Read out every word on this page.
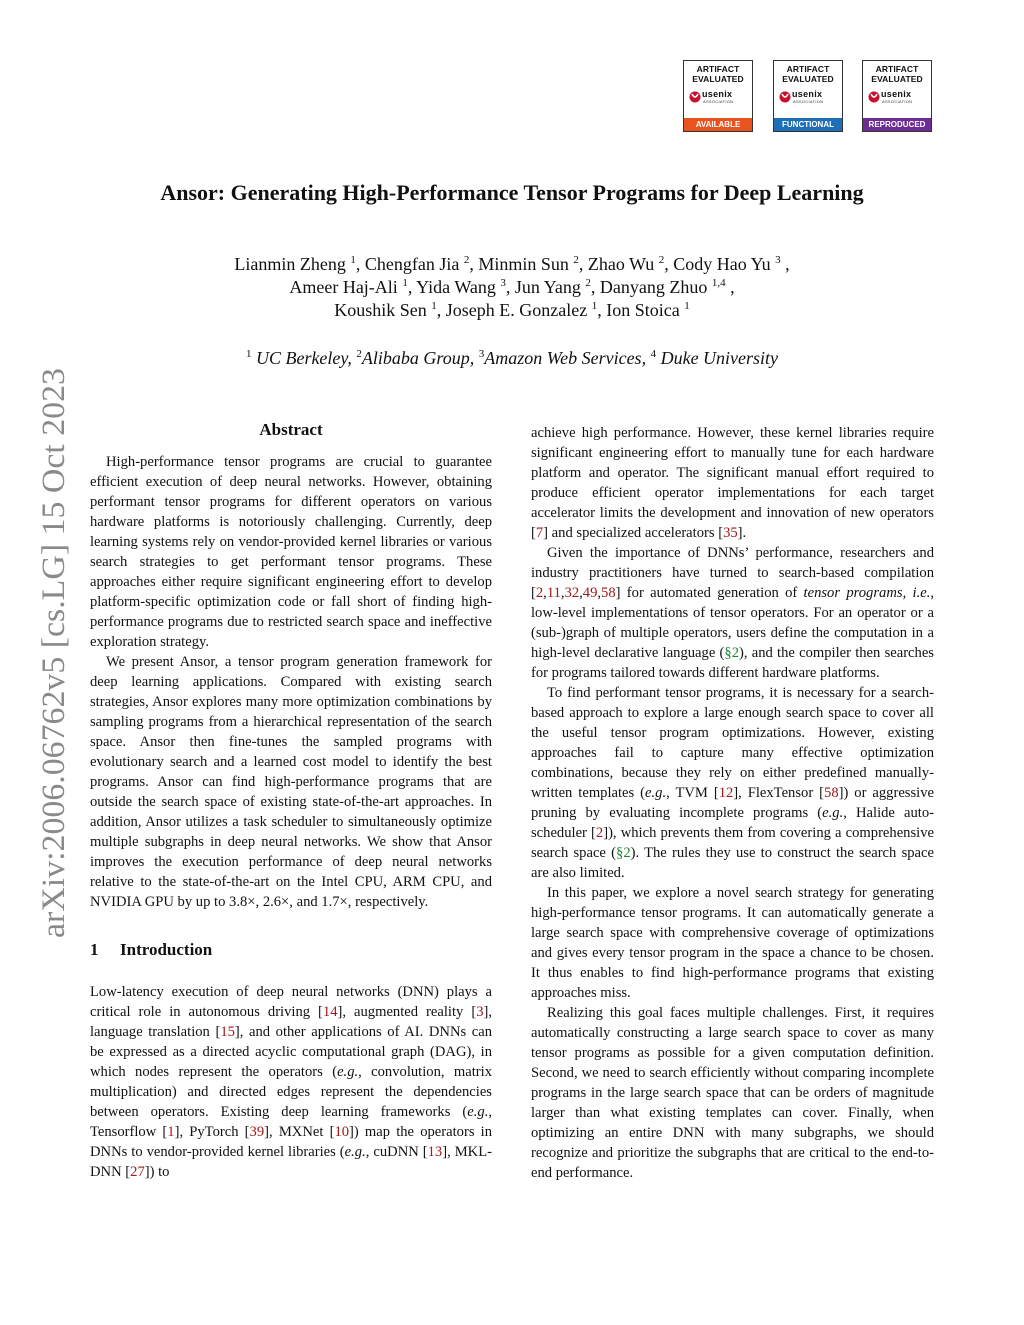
arXiv:2006.06762v5 [cs.LG] 15 Oct 2023
ARTIFACT
EVALUATED
usenix
ASSOCIATION
AVAILABLE
ARTIFACT
EVALUATED
usenix
ASSOCIATION
FUNCTIONAL
ARTIFACT
EVALUATED
usenix
ASSOCIATION
REPRODUCED
Ansor: Generating High-Performance Tensor Programs for Deep Learning
Lianmin Zheng $^1$, Chengfan Jia $^2$, Minmin Sun $^2$, Zhao Wu $^2$, Cody Hao Yu $^3$ ,
Ameer Haj-Ali $^1$, Yida Wang $^3$, Jun Yang $^2$, Danyang Zhuo $^{1,4}$ ,
Koushik Sen $^1$, Joseph E. Gonzalez $^1$, Ion Stoica $^1$
$^1$ UC Berkeley, $^2$Alibaba Group, $^3$Amazon Web Services, $^4$ Duke University
Abstract

High-performance tensor programs are crucial to guarantee efficient execution of deep neural networks. However, obtaining performant tensor programs for different operators on various hardware platforms is notoriously challenging. Currently, deep learning systems rely on vendor-provided kernel libraries or various search strategies to get performant tensor programs. These approaches either require significant engineering effort to develop platform-specific optimization code or fall short of finding high-performance programs due to restricted search space and ineffective exploration strategy.

We present Ansor, a tensor program generation framework for deep learning applications. Compared with existing search strategies, Ansor explores many more optimization combinations by sampling programs from a hierarchical representation of the search space. Ansor then fine-tunes the sampled programs with evolutionary search and a learned cost model to identify the best programs. Ansor can find high-performance programs that are outside the search space of existing state-of-the-art approaches. In addition, Ansor utilizes a task scheduler to simultaneously optimize multiple subgraphs in deep neural networks. We show that Ansor improves the execution performance of deep neural networks relative to the state-of-the-art on the Intel CPU, ARM CPU, and NVIDIA GPU by up to 3.8×, 2.6×, and 1.7×, respectively.

1 Introduction

Low-latency execution of deep neural networks (DNN) plays a critical role in autonomous driving [14], augmented reality [3], language translation [15], and other applications of AI. DNNs can be expressed as a directed acyclic computational graph (DAG), in which nodes represent the operators (e.g., convolution, matrix multiplication) and directed edges represent the dependencies between operators. Existing deep learning frameworks (e.g., Tensorflow [1], PyTorch [39], MXNet [10]) map the operators in DNNs to vendor-provided kernel libraries (e.g., cuDNN [13], MKL-DNN [27]) to

achieve high performance. However, these kernel libraries require significant engineering effort to manually tune for each hardware platform and operator. The significant manual effort required to produce efficient operator implementations for each target accelerator limits the development and innovation of new operators [7] and specialized accelerators [35].

Given the importance of DNNs’ performance, researchers and industry practitioners have turned to search-based compilation [2,11,32,49,58] for automated generation of tensor programs, i.e., low-level implementations of tensor operators. For an operator or a (sub-)graph of multiple operators, users define the computation in a high-level declarative language (§2), and the compiler then searches for programs tailored towards different hardware platforms.

To find performant tensor programs, it is necessary for a search-based approach to explore a large enough search space to cover all the useful tensor program optimizations. However, existing approaches fail to capture many effective optimization combinations, because they rely on either predefined manually-written templates (e.g., TVM [12], FlexTensor [58]) or aggressive pruning by evaluating incomplete programs (e.g., Halide auto-scheduler [2]), which prevents them from covering a comprehensive search space (§2). The rules they use to construct the search space are also limited.

In this paper, we explore a novel search strategy for generating high-performance tensor programs. It can automatically generate a large search space with comprehensive coverage of optimizations and gives every tensor program in the space a chance to be chosen. It thus enables to find high-performance programs that existing approaches miss.

Realizing this goal faces multiple challenges. First, it requires automatically constructing a large search space to cover as many tensor programs as possible for a given computation definition. Second, we need to search efficiently without comparing incomplete programs in the large search space that can be orders of magnitude larger than what existing templates can cover. Finally, when optimizing an entire DNN with many subgraphs, we should recognize and prioritize the subgraphs that are critical to the end-to-end performance.
